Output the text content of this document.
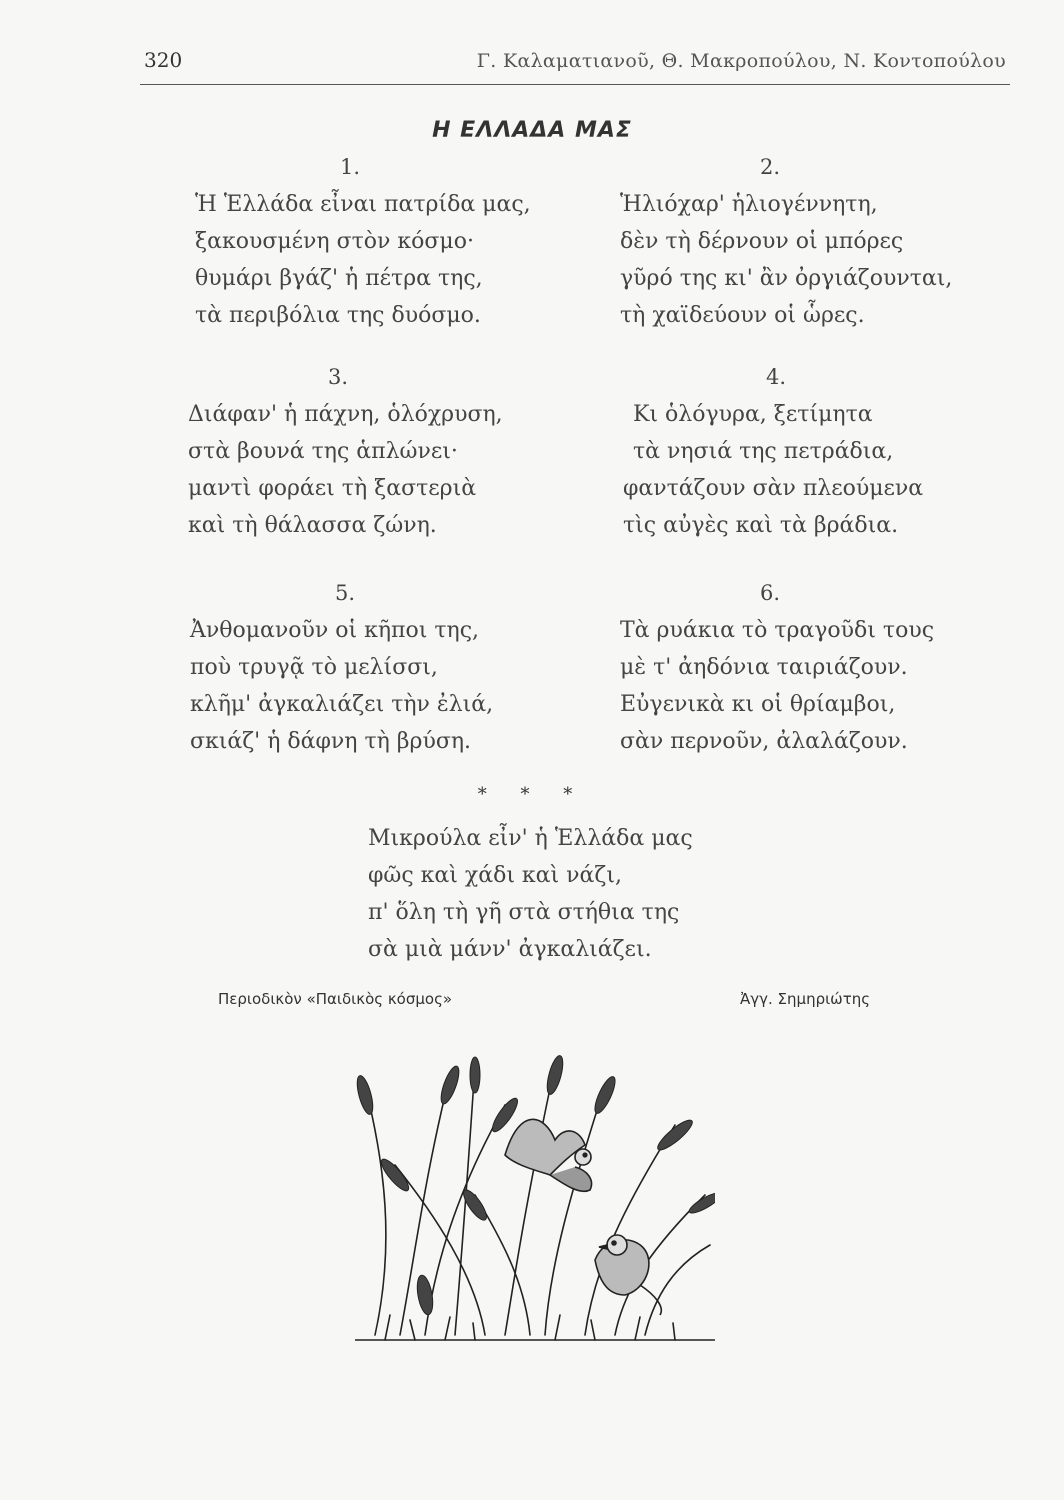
320	Γ. Καλαματιανοῦ, Θ. Μακροπούλου, Ν. Κοντοπούλου
Η ΕΛΛΑΔΑ ΜΑΣ
1.
Ἡ Ἑλλάδα εἶναι πατρίδα μας,
ξακουσμένη στὸν κόσμο·
θυμάρι βγάζ' ἡ πέτρα της,
τὰ περιβόλια της δυόσμο.
2.
Ἡλιόχαρ' ἡλιογέννητη,
δὲν τὴ δέρνουν οἱ μπόρες
γῦρό της κι' ἂν ὀργιάζουνται,
τὴ χαϊδεύουν οἱ ὧρες.
3.
Διάφαν' ἡ πάχνη, ὁλόχρυση,
στὰ βουνά της ἁπλώνει·
μαντὶ φοράει τὴ ξαστεριὰ
καὶ τὴ θάλασσα ζώνη.
4.
Κι ὁλόγυρα, ξετίμητα
τὰ νησιά της πετράδια,
φαντάζουν σὰν πλεούμενα
τὶς αὐγὲς καὶ τὰ βράδια.
5.
Ἀνθομανοῦν οἱ κῆποι της,
ποὺ τρυγᾷ τὸ μελίσσι,
κλῆμ' ἀγκαλιάζει τὴν ἐλιά,
σκιάζ' ἡ δάφνη τὴ βρύση.
6.
Τὰ ρυάκια τὸ τραγοῦδι τους
μὲ τ' ἀηδόνια ταιριάζουν.
Εὐγενικὰ κι οἱ θρίαμβοι,
σὰν περνοῦν, ἀλαλάζουν.
* * *
Μικρούλα εἶν' ἡ Ἑλλάδα μας
φῶς καὶ χάδι καὶ νάζι,
π' ὅλη τὴ γῆ στὰ στήθια της
σὰ μιὰ μάνν' ἀγκαλιάζει.
Περιοδικὸν «Παιδικὸς κόσμος»	Ἀγγ. Σημηριώτης
